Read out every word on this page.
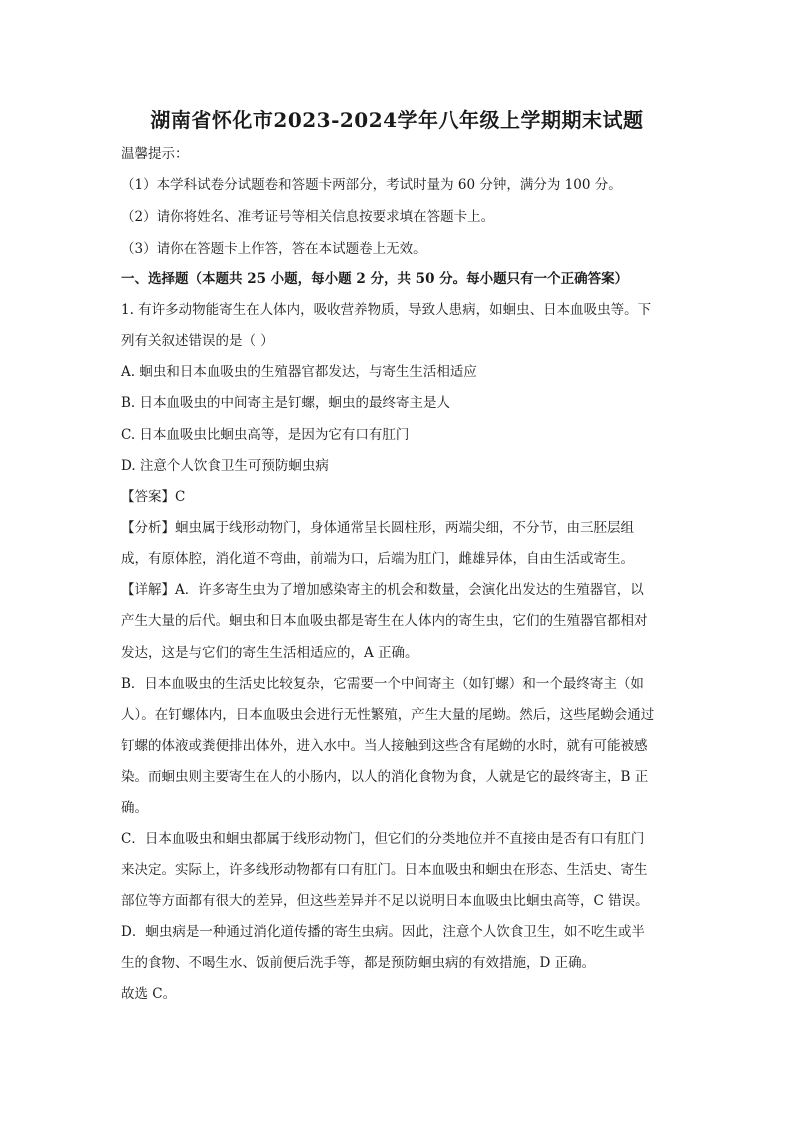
湖南省怀化市2023-2024学年八年级上学期期末试题
温馨提示：
（1）本学科试卷分试题卷和答题卡两部分，考试时量为 60 分钟，满分为 100 分。
（2）请你将姓名、准考证号等相关信息按要求填在答题卡上。
（3）请你在答题卡上作答，答在本试题卷上无效。
一、选择题（本题共 25 小题，每小题 2 分，共 50 分。每小题只有一个正确答案）
1. 有许多动物能寄生在人体内，吸收营养物质，导致人患病，如蛔虫、日本血吸虫等。下
列有关叙述错误的是（ ）
A. 蛔虫和日本血吸虫的生殖器官都发达，与寄生生活相适应
B. 日本血吸虫的中间寄主是钉螺，蛔虫的最终寄主是人
C. 日本血吸虫比蛔虫高等，是因为它有口有肛门
D. 注意个人饮食卫生可预防蛔虫病
【答案】C
【分析】蛔虫属于线形动物门，身体通常呈长圆柱形，两端尖细，不分节，由三胚层组
成，有原体腔，消化道不弯曲，前端为口，后端为肛门，雌雄异体，自由生活或寄生。
【详解】A．许多寄生虫为了增加感染寄主的机会和数量，会演化出发达的生殖器官，以
产生大量的后代。蛔虫和日本血吸虫都是寄生在人体内的寄生虫，它们的生殖器官都相对
发达，这是与它们的寄生生活相适应的，A 正确。
B．日本血吸虫的生活史比较复杂，它需要一个中间寄主（如钉螺）和一个最终寄主（如
人）。在钉螺体内，日本血吸虫会进行无性繁殖，产生大量的尾蚴。然后，这些尾蚴会通过
钉螺的体液或粪便排出体外，进入水中。当人接触到这些含有尾蚴的水时，就有可能被感
染。而蛔虫则主要寄生在人的小肠内，以人的消化食物为食，人就是它的最终寄主，B 正
确。
C．日本血吸虫和蛔虫都属于线形动物门，但它们的分类地位并不直接由是否有口有肛门
来决定。实际上，许多线形动物都有口有肛门。日本血吸虫和蛔虫在形态、生活史、寄生
部位等方面都有很大的差异，但这些差异并不足以说明日本血吸虫比蛔虫高等，C 错误。
D．蛔虫病是一种通过消化道传播的寄生虫病。因此，注意个人饮食卫生，如不吃生或半
生的食物、不喝生水、饭前便后洗手等，都是预防蛔虫病的有效措施，D 正确。
故选 C。
